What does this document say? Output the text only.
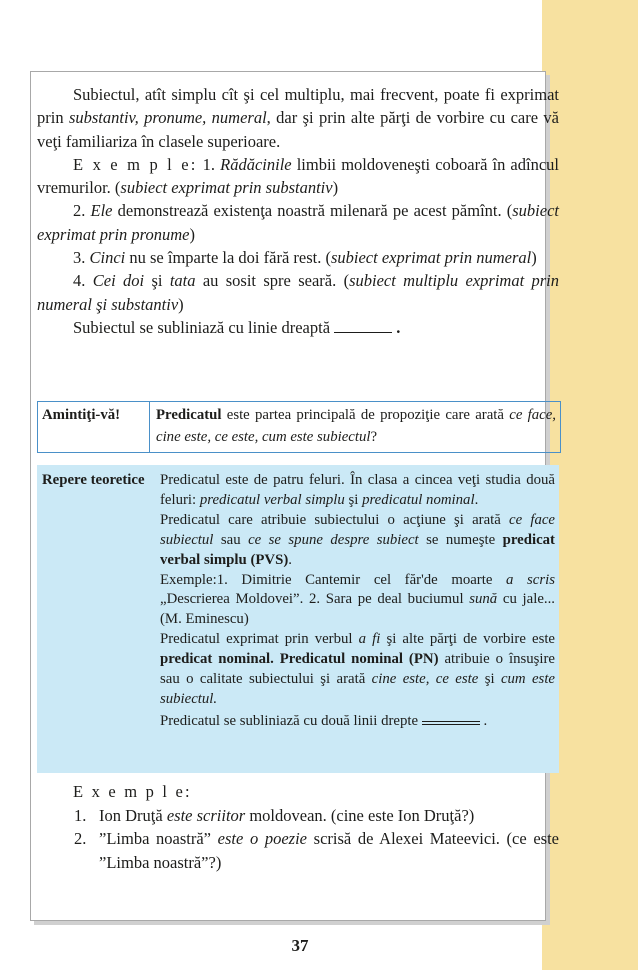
Subiectul, atît simplu cît şi cel multiplu, mai frecvent, poate fi exprimat prin substantiv, pronume, numeral, dar şi prin alte părţi de vorbire cu care vă veţi familiariza în clasele superioare.

E x e m p l e: 1. Rădăcinile limbii moldoveneşti coboară în adîncul vremurilor. (subiect exprimat prin substantiv)

2. Ele demonstrează existenţa noastră milenară pe acest pămînt. (subiect exprimat prin pronume)

3. Cinci nu se împarte la doi fără rest. (subiect exprimat prin numeral)

4. Cei doi şi tata au sosit spre seară. (subiect multiplu exprimat prin numeral şi substantiv)

Subiectul se subliniază cu linie dreaptă	.

Amintiţi-vă!	Predicatul este partea principală de propoziţie care arată ce face, cine este, ce este, cum este subiectul?
Repere teoretice	Predicatul este de patru feluri. În clasa a cincea veţi studia două feluri: predicatul verbal simplu şi predicatul nominal.

Predicatul care atribuie subiectului o acţiune şi arată ce face subiectul sau ce se spune despre subiect se numeşte predicat verbal simplu (PVS).

Exemple:1. Dimitrie Cantemir cel făr'de moarte a scris „Descrierea Moldovei”. 2. Sara pe deal buciumul sună cu jale... (M. Eminescu)

Predicatul exprimat prin verbul a fi şi alte părţi de vorbire este predicat nominal. Predicatul nominal (PN) atribuie o însuşire sau o calitate subiectului şi arată cine este, ce este şi cum este subiectul.

Predicatul se subliniază cu două linii drepte	.

E x e m p l e:

1. Ion Druţă este scriitor moldovean. (cine este Ion Druţă?)
2. ”Limba noastră” este o poezie scrisă de Alexei Mateevici. (ce este ”Limba noastră”?)
37
